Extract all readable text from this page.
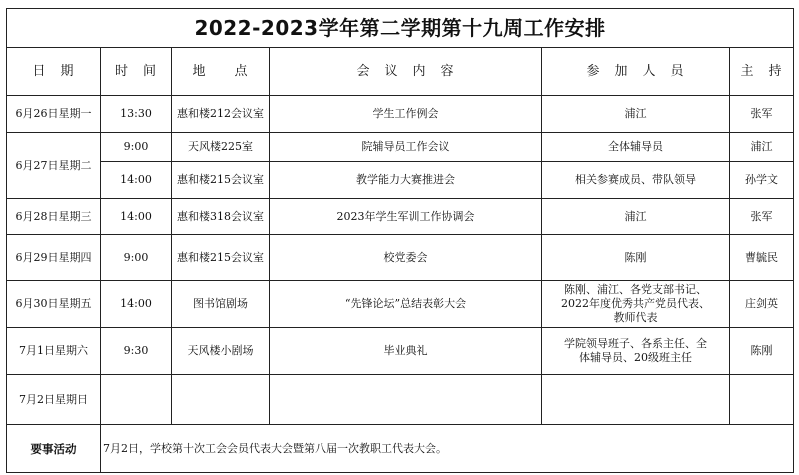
2022-2023学年第二学期第十九周工作安排					
日　期	时　间	地　　点	会　议　内　容	参　加　人　员	主　持
6月26日星期一	13:30	惠和楼212会议室	学生工作例会	浦江	张军
6月27日星期二	9:00	天风楼225室	院辅导员工作会议	全体辅导员	浦江
	14:00	惠和楼215会议室	教学能力大赛推进会	相关参赛成员、带队领导	孙学文
6月28日星期三	14:00	惠和楼318会议室	2023年学生军训工作协调会	浦江	张军
6月29日星期四	9:00	惠和楼215会议室	校党委会	陈刚	曹毓民
6月30日星期五	14:00	图书馆剧场	“先锋论坛”总结表彰大会	陈刚、浦江、各党支部书记、
2022年度优秀共产党员代表、
教师代表	庄剑英
7月1日星期六	9:30	天风楼小剧场	毕业典礼	学院领导班子、各系主任、全
体辅导员、20级班主任	陈刚
7月2日星期日					
要事活动	7月2日，学校第十次工会会员代表大会暨第八届一次教职工代表大会。				
